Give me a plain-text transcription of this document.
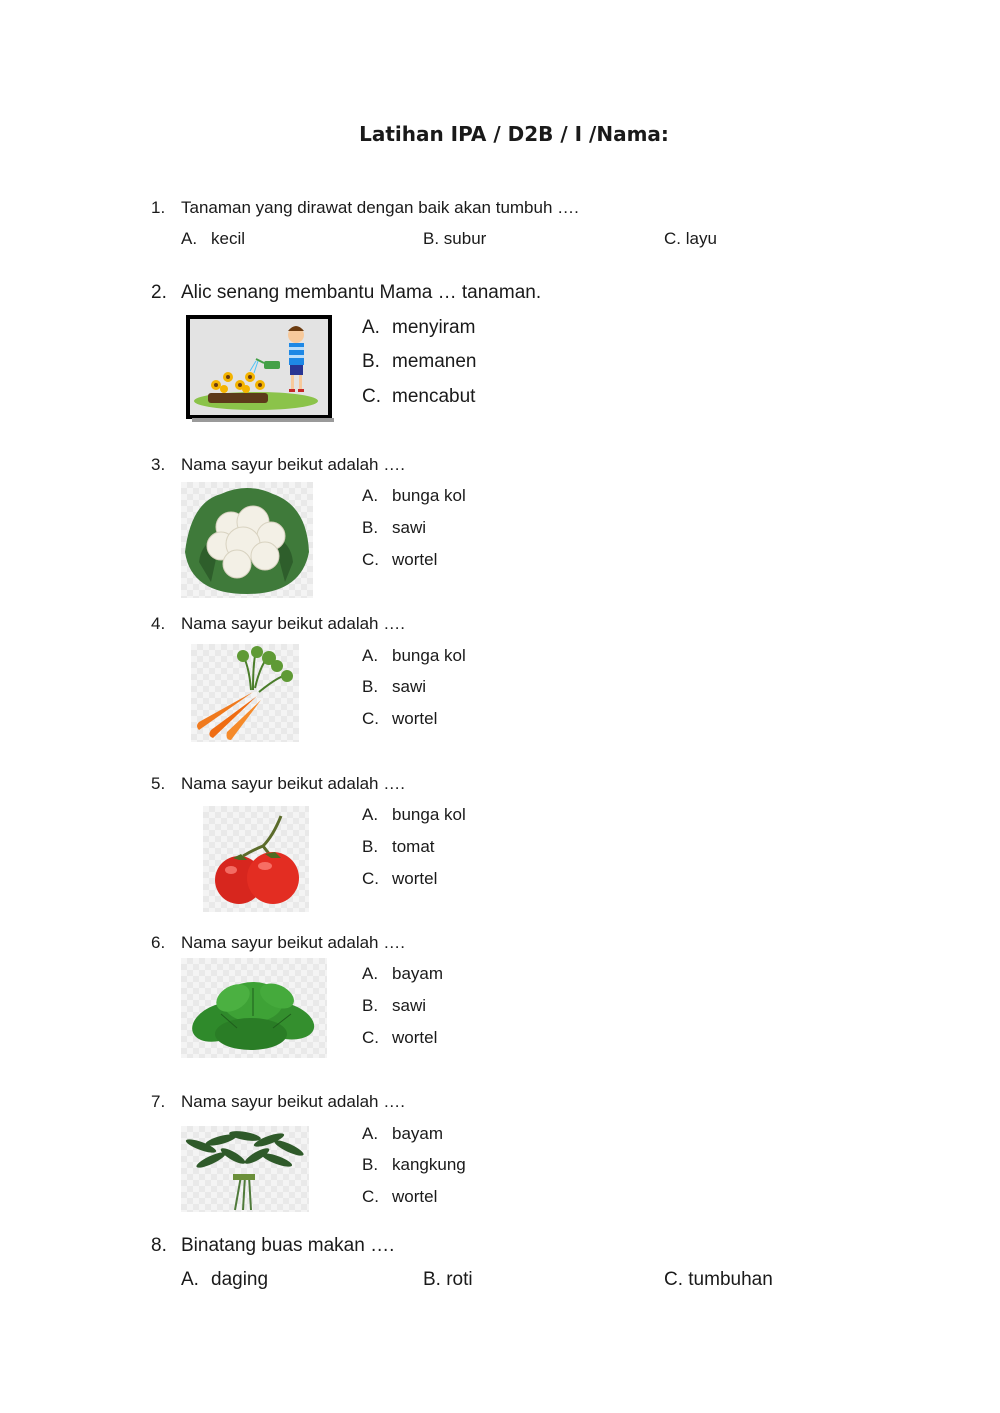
Latihan IPA / D2B / I /Nama:
1. Tanaman yang dirawat dengan baik akan tumbuh ….
A. kecil	B. subur	C. layu
2. Alic senang membantu Mama … tanaman.
A. menyiram
B. memanen
C. mencabut
3. Nama sayur beikut adalah ….
A. bunga kol
B. sawi
C. wortel
4. Nama sayur beikut adalah ….
A. bunga kol
B. sawi
C. wortel
5. Nama sayur beikut adalah ….
A. bunga kol
B. tomat
C. wortel
6. Nama sayur beikut adalah ….
A. bayam
B. sawi
C. wortel
7. Nama sayur beikut adalah ….
A. bayam
B. kangkung
C. wortel
8. Binatang buas makan ….
A. daging	B. roti	C. tumbuhan
